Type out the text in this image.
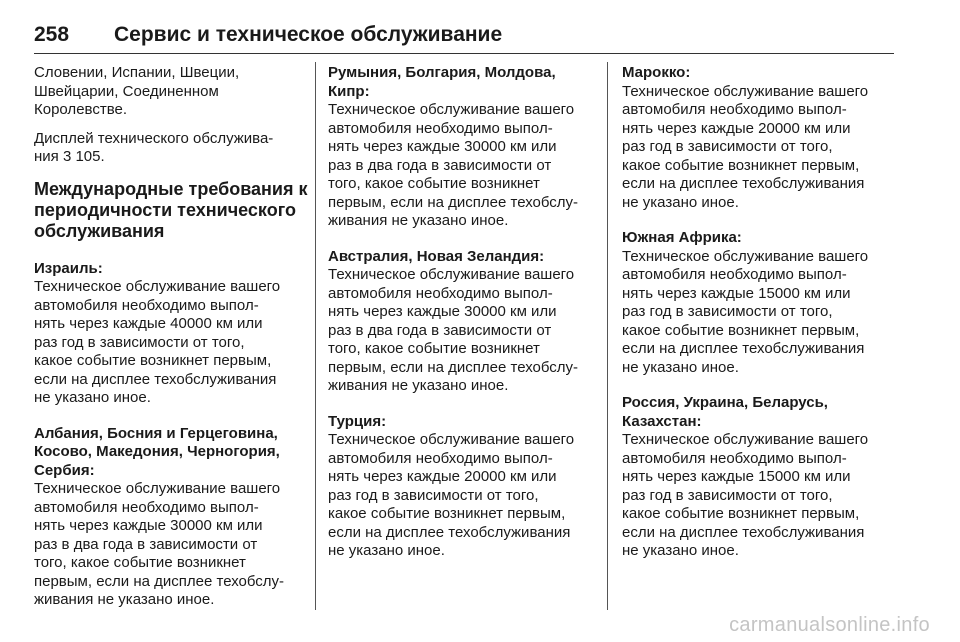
258 Сервис и техническое обслуживание
Словении, Испании, Швеции,
Швейцарии, Соединенном
Королевстве.
Дисплей технического обслужива‐
ния 3 105.
Международные требования к
периодичности технического
обслуживания
Израиль:
Техническое обслуживание вашего
автомобиля необходимо выпол‐
нять через каждые 40000 км или
раз год в зависимости от того,
какое событие возникнет первым,
если на дисплее техобслуживания
не указано иное.
Албания, Босния и Герцеговина,
Косово, Македония, Черногория,
Сербия:
Техническое обслуживание вашего
автомобиля необходимо выпол‐
нять через каждые 30000 км или
раз в два года в зависимости от
того, какое событие возникнет
первым, если на дисплее техобслу‐
живания не указано иное.
Румыния, Болгария, Молдова,
Кипр:
Техническое обслуживание вашего
автомобиля необходимо выпол‐
нять через каждые 30000 км или
раз в два года в зависимости от
того, какое событие возникнет
первым, если на дисплее техобслу‐
живания не указано иное.
Австралия, Новая Зеландия:
Техническое обслуживание вашего
автомобиля необходимо выпол‐
нять через каждые 30000 км или
раз в два года в зависимости от
того, какое событие возникнет
первым, если на дисплее техобслу‐
живания не указано иное.
Турция:
Техническое обслуживание вашего
автомобиля необходимо выпол‐
нять через каждые 20000 км или
раз год в зависимости от того,
какое событие возникнет первым,
если на дисплее техобслуживания
не указано иное.
Марокко:
Техническое обслуживание вашего
автомобиля необходимо выпол‐
нять через каждые 20000 км или
раз год в зависимости от того,
какое событие возникнет первым,
если на дисплее техобслуживания
не указано иное.
Южная Африка:
Техническое обслуживание вашего
автомобиля необходимо выпол‐
нять через каждые 15000 км или
раз год в зависимости от того,
какое событие возникнет первым,
если на дисплее техобслуживания
не указано иное.
Россия, Украина, Беларусь,
Казахстан:
Техническое обслуживание вашего
автомобиля необходимо выпол‐
нять через каждые 15000 км или
раз год в зависимости от того,
какое событие возникнет первым,
если на дисплее техобслуживания
не указано иное.
carmanualsonline.info
